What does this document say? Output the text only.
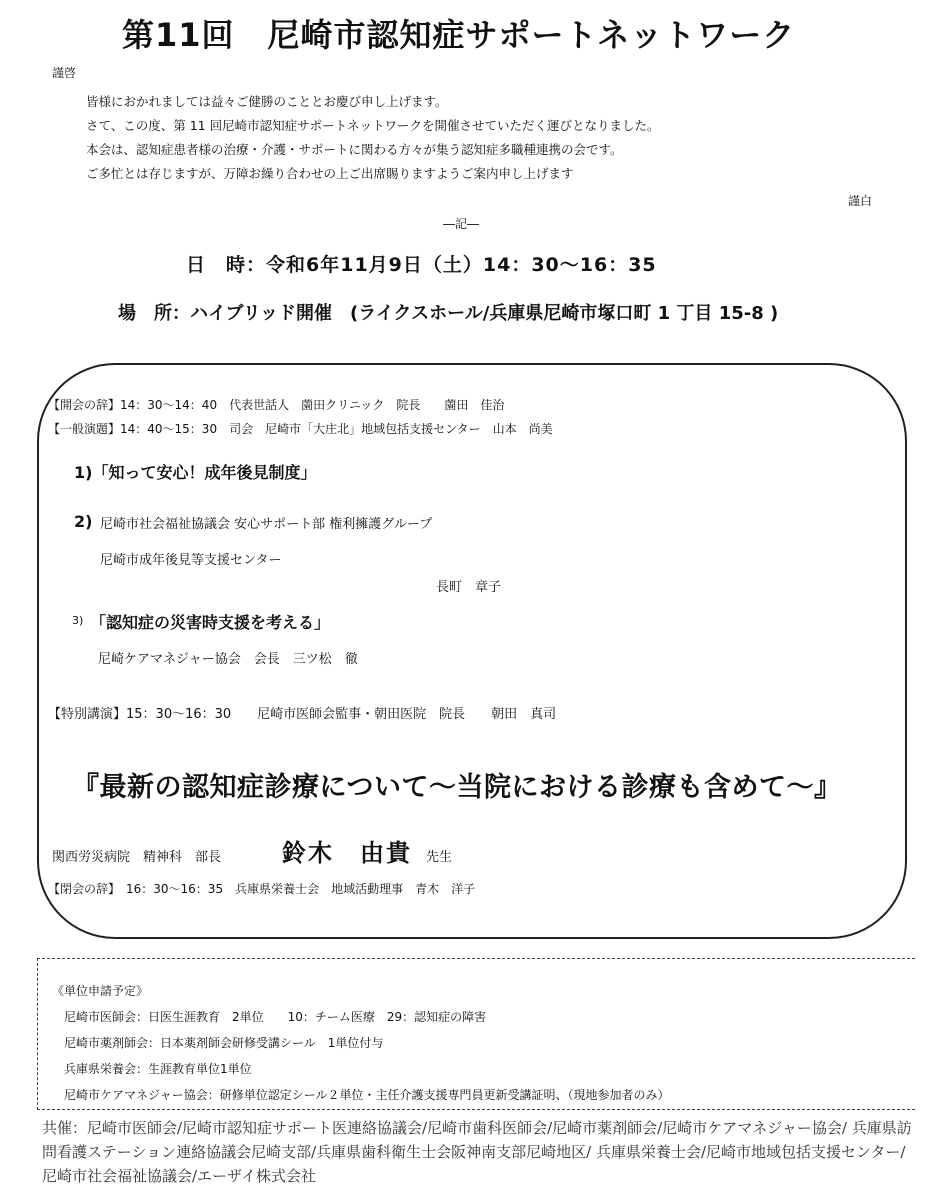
第11回　尼崎市認知症サポートネットワーク
謹啓
皆様におかれましては益々ご健勝のこととお慶び申し上げます。
さて、この度、第 11 回尼崎市認知症サポートネットワークを開催させていただく運びとなりました。
本会は、認知症患者様の治療・介護・サポートに関わる方々が集う認知症多職種連携の会です。
ご多忙とは存じますが、万障お繰り合わせの上ご出席賜りますようご案内申し上げます
謹白
―記―
日　時：令和6年11月9日（土）14：30～16：35
場　所：ハイブリッド開催　(ライクスホール/兵庫県尼崎市塚口町 1 丁目 15-8 )
【開会の辞】14：30～14：40　代表世話人　薗田クリニック　院長　　薗田　佳治
【一般演題】14：40～15：30　司会　尼崎市「大庄北」地域包括支援センター　山本　尚美
1)「知って安心！成年後見制度」
2) 尼崎市社会福祉協議会 安心サポート部 権利擁護グループ
尼崎市成年後見等支援センター
長町　章子
3) 「認知症の災害時支援を考える」
尼崎ケアマネジャー協会　会長　三ツ松　徹
【特別講演】15：30～16：30　　尼崎市医師会監事・朝田医院　院長　　朝田　真司
『最新の認知症診療について～当院における診療も含めて～』
関西労災病院　精神科　部長	鈴木　由貴 先生
【閉会の辞】　16：30～16：35　兵庫県栄養士会　地域活動理事　青木　洋子
《単位申請予定》
尼崎市医師会：日医生涯教育　2単位　　10：チーム医療　29：認知症の障害
尼崎市薬剤師会：日本薬剤師会研修受講シール　1単位付与
兵庫県栄養会：生涯教育単位1単位
尼崎市ケアマネジャー協会：研修単位認定シール２単位・主任介護支援専門員更新受講証明、（現地参加者のみ）
共催：尼崎市医師会/尼崎市認知症サポート医連絡協議会/尼崎市歯科医師会/尼崎市薬剤師会/尼崎市ケアマネジャー協会/ 兵庫県訪問看護ステーション連絡協議会尼崎支部/兵庫県歯科衛生士会阪神南支部尼崎地区/ 兵庫県栄養士会/尼崎市地域包括支援センター/尼崎市社会福祉協議会/エーザイ株式会社
